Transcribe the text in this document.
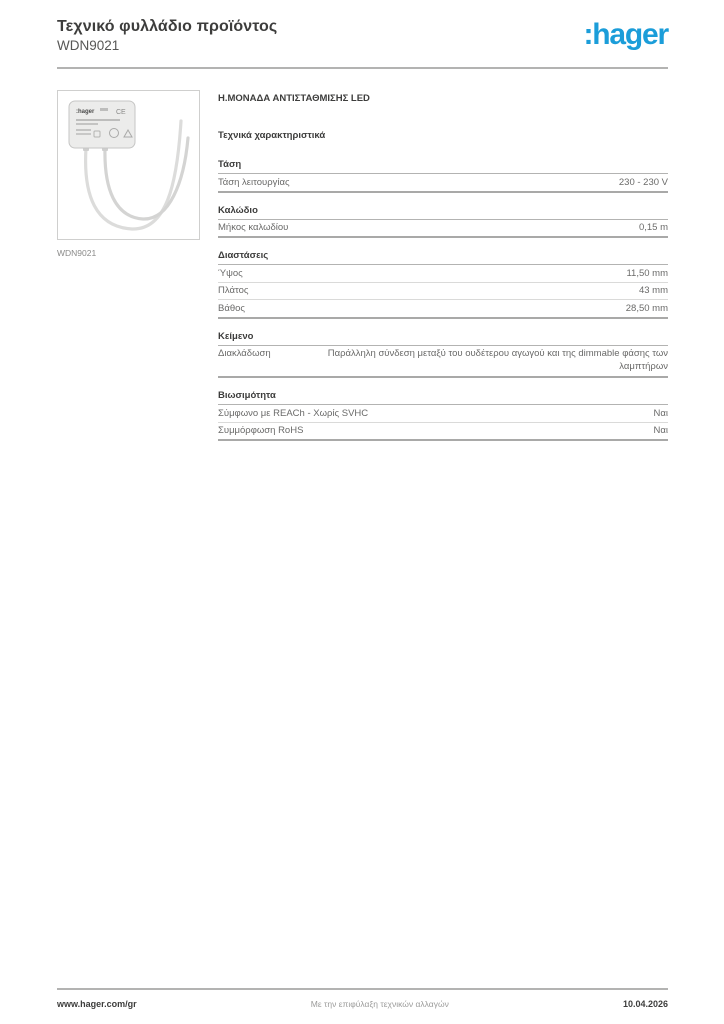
Τεχνικό φυλλάδιο προϊόντος
WDN9021	:hager
:hager	CE
WDN9021
Η.ΜΟΝΑΔΑ ΑΝΤΙΣΤΑΘΜΙΣΗΣ LED
Τεχνικά χαρακτηριστικά
Τάση
Τάση λειτουργίας	230 - 230 V
Καλώδιο
Μήκος καλωδίου	0,15 m
Διαστάσεις
Ύψος	11,50 mm
Πλάτος	43 mm
Βάθος	28,50 mm
Κείμενο
Διακλάδωση	Παράλληλη σύνδεση μεταξύ του ουδέτερου αγωγού και της dimmable φάσης των λαμπτήρων
Βιωσιμότητα
Σύμφωνο με REACh - Χωρίς SVHC	Ναι
Συμμόρφωση RoHS	Ναι
www.hager.com/gr	Με την επιφύλαξη τεχνικών αλλαγών	10.04.2026
